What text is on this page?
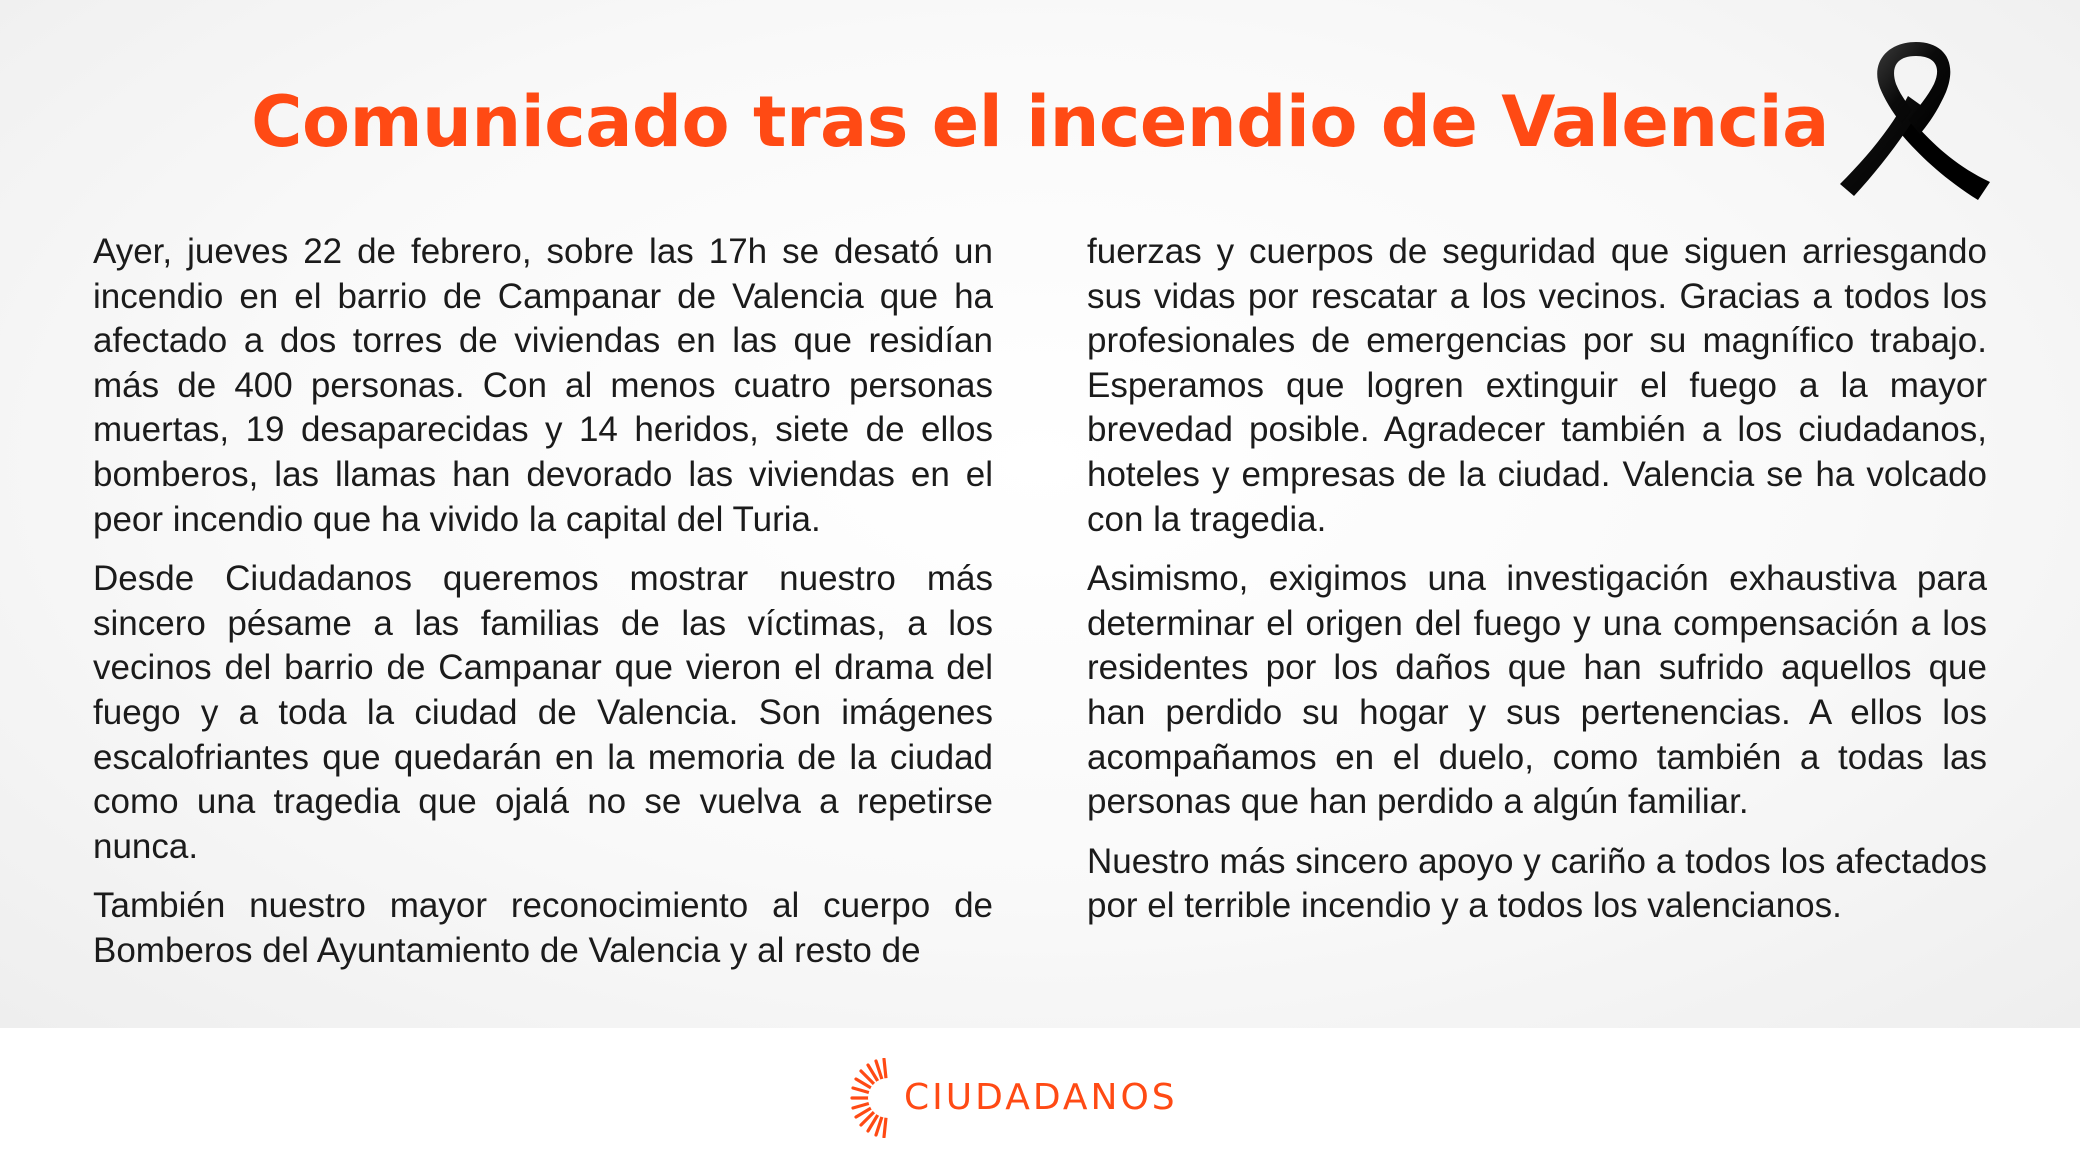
Comunicado tras el incendio de Valencia

Ayer, jueves 22 de febrero, sobre las 17h se desató un incendio en el barrio de Campanar de Valencia que ha afectado a dos torres de viviendas en las que residían más de 400 personas. Con al menos cuatro personas muertas, 19 desaparecidas y 14 heridos, siete de ellos bomberos, las llamas han devorado las viviendas en el peor incendio que ha vivido la capital del Turia.

Desde Ciudadanos queremos mostrar nuestro más sincero pésame a las familias de las víctimas, a los vecinos del barrio de Campanar que vieron el drama del fuego y a toda la ciudad de Valencia. Son imágenes escalofriantes que quedarán en la memoria de la ciudad como una tragedia que ojalá no se vuelva a repetirse nunca.

También nuestro mayor reconocimiento al cuerpo de Bomberos del Ayuntamiento de Valencia y al resto de

fuerzas y cuerpos de seguridad que siguen arriesgando sus vidas por rescatar a los vecinos. Gracias a todos los profesionales de emergencias por su magnífico trabajo. Esperamos que logren extinguir el fuego a la mayor brevedad posible. Agradecer también a los ciudadanos, hoteles y empresas de la ciudad. Valencia se ha volcado con la tragedia.

Asimismo, exigimos una investigación exhaustiva para determinar el origen del fuego y una compensación a los residentes por los daños que han sufrido aquellos que han perdido su hogar y sus pertenencias. A ellos los acompañamos en el duelo, como también a todas las personas que han perdido a algún familiar.

Nuestro más sincero apoyo y cariño a todos los afectados por el terrible incendio y a todos los valencianos.

CIUDADANOS
